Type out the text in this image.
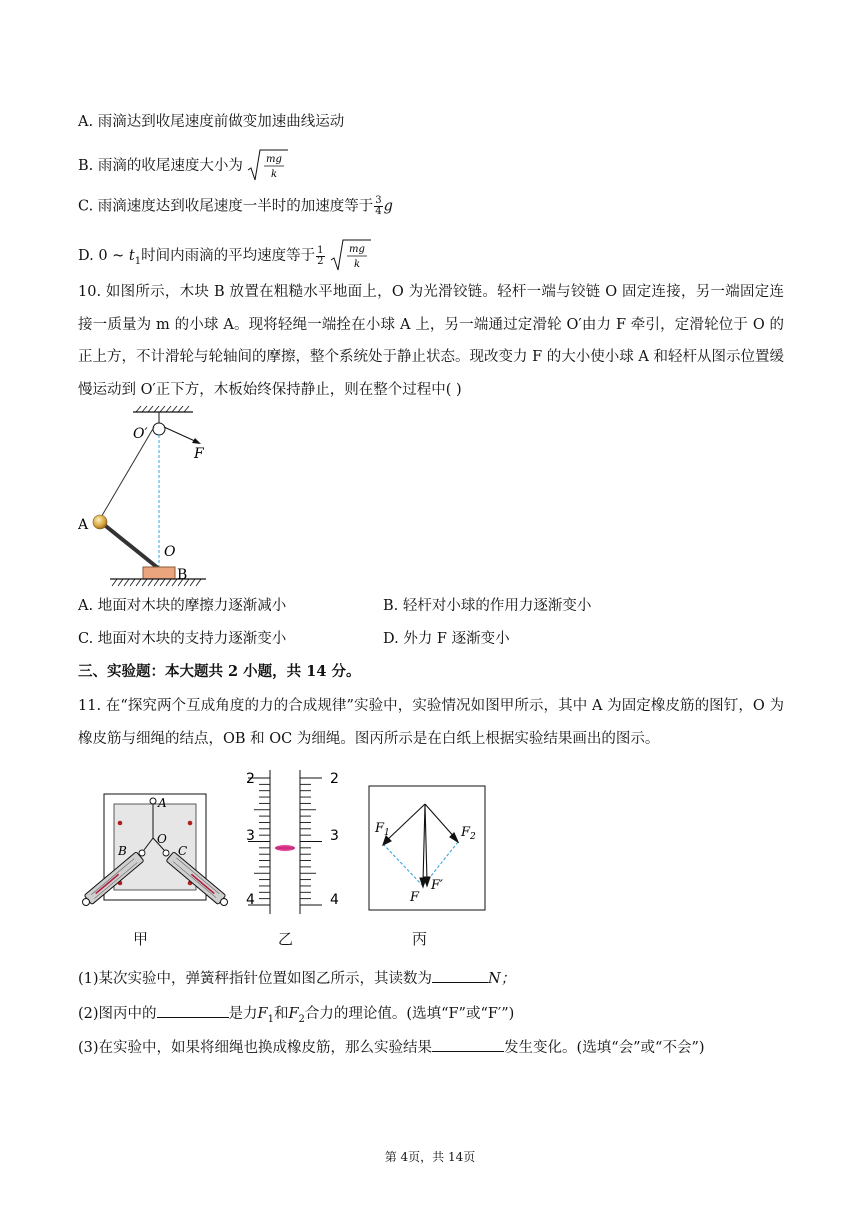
A. 雨滴达到收尾速度前做变加速曲线运动
B. 雨滴的收尾速度大小为 mg
k
C. 雨滴速度达到收尾速度一半时的加速度等于 $\frac{3}{4}$ g
D. 0 ~ $t_1$时间内雨滴的平均速度等于 $\frac{1}{2}$
mg
k
10. 如图所示，木块 B 放置在粗糙水平地面上，O 为光滑铰链。轻杆一端与铰链 O 固定连接，另一端固定连接一质量为 m 的小球 A。现将轻绳一端拴在小球 A 上，另一端通过定滑轮 O′由力 F 牵引，定滑轮位于 O 的正上方，不计滑轮与轮轴间的摩擦，整个系统处于静止状态。现改变力 F 的大小使小球 A 和轻杆从图示位置缓慢运动到 O′正下方，木板始终保持静止，则在整个过程中( )
O′
F
A
O
B
A. 地面对木块的摩擦力逐渐减小	B. 轻杆对小球的作用力逐渐变小
C. 地面对木块的支持力逐渐变小	D. 外力 F 逐渐变小
三、实验题：本大题共 2 小题，共 14 分。
11. 在“探究两个互成角度的力的合成规律”实验中，实验情况如图甲所示，其中 A 为固定橡皮筋的图钉，O 为橡皮筋与细绳的结点，OB 和 OC 为细绳。图丙所示是在白纸上根据实验结果画出的图示。
A
O
B	C
2	2
3	3
4	4
$F_1$	$F_2$
F
F′
甲	乙	丙
(1)某次实验中，弹簧秤指针位置如图乙所示，其读数为	N；
(2)图丙中的	是力$F_1$和$F_2$合力的理论值。(选填“F”或“F′”)
(3)在实验中，如果将细绳也换成橡皮筋，那么实验结果	发生变化。(选填“会”或“不会”)
第 4页，共 14页
